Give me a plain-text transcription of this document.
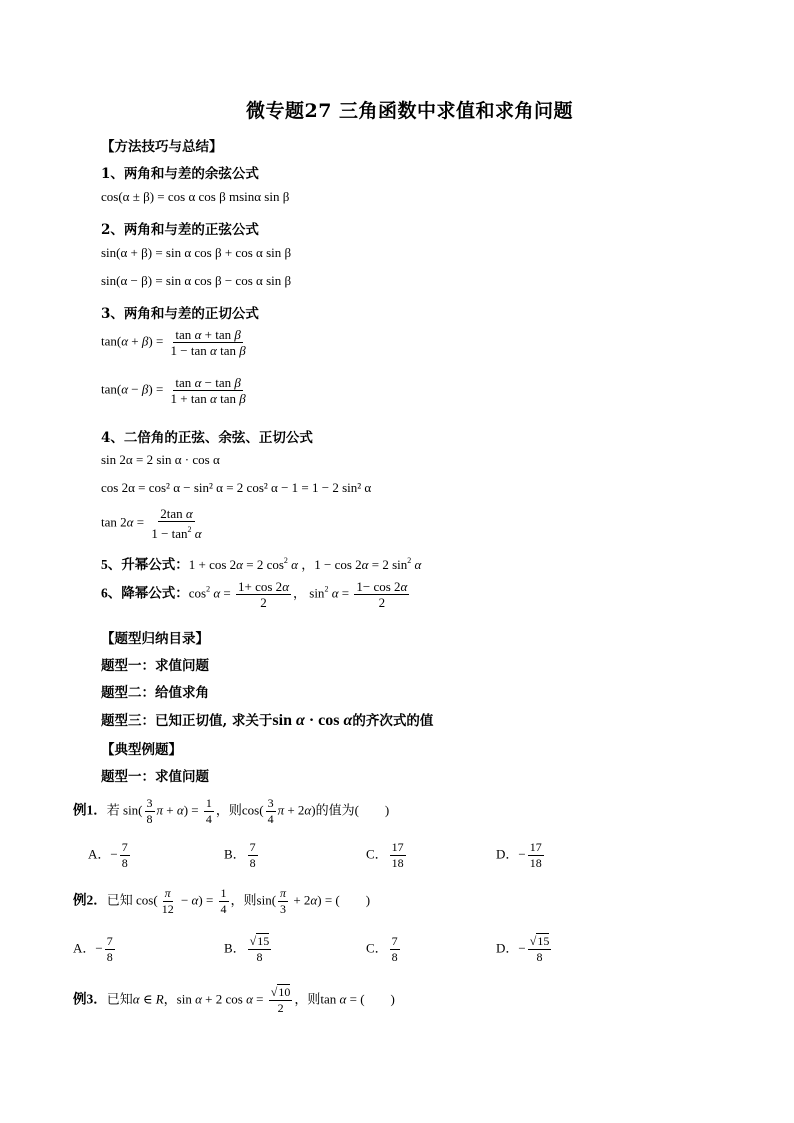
微专题27 三角函数中求值和求角问题
【方法技巧与总结】
1、两角和与差的余弦公式
cos(α ± β) = cos α cos β msinα sin β
2、两角和与差的正弦公式
sin(α + β) = sin α cos β + cos α sin β
sin(α − β) = sin α cos β − cos α sin β
3、两角和与差的正切公式
$\tan(\alpha + \beta) = \frac{\text{tan α + tan β}}{\text{1 − tan α tan β}}$
$\tan(\alpha - \beta) = \frac{\text{tan α − tan β}}{\text{1 + tan α tan β}}$
4、二倍角的正弦、余弦、正切公式
sin 2α = 2 sin α · cos α
cos 2α = cos² α − sin² α = 2 cos² α − 1 = 1 − 2 sin² α
$\tan 2\alpha = \frac{\text{2tan α}}{1 - \tan^2 \alpha}$
5、升幂公式：1 + cos 2α = 2 $\cos^2 \alpha$ ，1 − cos 2α = 2 $\sin^2 \alpha$
6、降幂公式：$\cos^2 \alpha = \frac{1+ \cos 2\alpha}{2}$ ， $\sin^2 \alpha = \frac{1- \cos 2\alpha}{2}$
【题型归纳目录】
题型一：求值问题
题型二：给值求角
题型三：已知正切值, 求关于sin α · cos α的齐次式的值
【典型例题】
题型一：求值问题
例1．若 $\sin( \frac{3}{8}$ $\pi + \alpha) = \frac{1}{4}$ ，则$\cos( \frac{3}{4}$ π + 2α)的值为(　　)
A．− $\frac{7}{8}$	B． $\frac{7}{8}$	C． $\frac{17}{18}$	D．− $\frac{17}{18}$
例2．已知 $\cos( \frac{\pi}{12} - \alpha) = \frac{1}{4}$ ，则$\sin( \frac{\pi}{3} + 2\alpha)$ = (　　)
A．− $\frac{7}{8}$	B． $\frac{√15}{8}$	C． $\frac{7}{8}$	D．− $\frac{√15}{8}$
例3．已知α ∈ R，sin α + 2 $\cos \alpha = \frac{√10}{2}$ ，则tan α = (　　)
